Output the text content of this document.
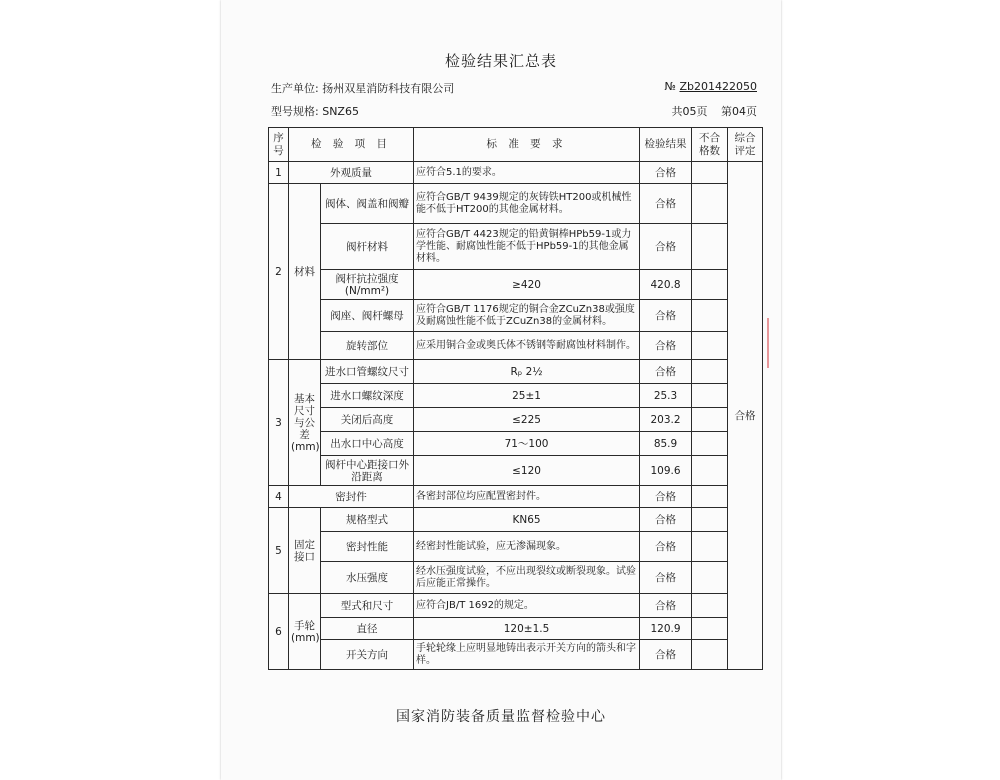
检验结果汇总表
生产单位: 扬州双星消防科技有限公司
型号规格: SNZ65
№ Zb201422050
共05页 第04页
序号	检 验 项 目		标 准 要 求	检验结果	不合格数	综合评定
1	外观质量		应符合5.1的要求。	合格		合格
2	材料	阀体、阀盖和阀瓣	应符合GB/T 9439规定的灰铸铁HT200或机械性能不低于HT200的其他金属材料。	合格		
		阀杆材料	应符合GB/T 4423规定的铅黄铜棒HPb59-1或力学性能、耐腐蚀性能不低于HPb59-1的其他金属材料。	合格		
		阀杆抗拉强度(N/mm²)	≥420	420.8		
		阀座、阀杆螺母	应符合GB/T 1176规定的铜合金ZCuZn38或强度及耐腐蚀性能不低于ZCuZn38的金属材料。	合格		
		旋转部位	应采用铜合金或奥氏体不锈钢等耐腐蚀材料制作。	合格		
3	基本尺寸与公差(mm)	进水口管螺纹尺寸	Rₚ 2½	合格		
		进水口螺纹深度	25±1	25.3		
		关闭后高度	≤225	203.2		
		出水口中心高度	71～100	85.9		
		阀杆中心距接口外沿距离	≤120	109.6		
4	密封件		各密封部位均应配置密封件。	合格		
5	固定接口	规格型式	KN65	合格		
		密封性能	经密封性能试验，应无渗漏现象。	合格		
		水压强度	经水压强度试验，不应出现裂纹或断裂现象。试验后应能正常操作。	合格		
6	手轮(mm)	型式和尺寸	应符合JB/T 1692的规定。	合格		
		直径	120±1.5	120.9		
		开关方向	手轮轮缘上应明显地铸出表示开关方向的箭头和字样。	合格		
国家消防装备质量监督检验中心
